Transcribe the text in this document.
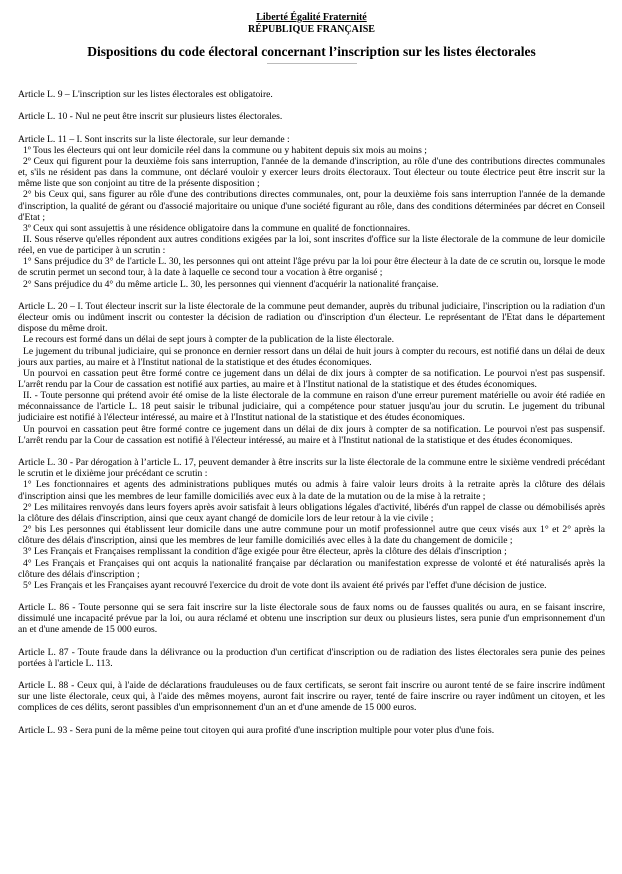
Liberté Égalité Fraternité
RÉPUBLIQUE FRANÇAISE
Dispositions du code électoral concernant l’inscription sur les listes électorales

Article L. 9 – L'inscription sur les listes électorales est obligatoire.

Article L. 10 - Nul ne peut être inscrit sur plusieurs listes électorales.

Article L. 11 – I. Sont inscrits sur la liste électorale, sur leur demande :

1º Tous les électeurs qui ont leur domicile réel dans la commune ou y habitent depuis six mois au moins ;

2º Ceux qui figurent pour la deuxième fois sans interruption, l'année de la demande d'inscription, au rôle d'une des contributions directes communales et, s'ils ne résident pas dans la commune, ont déclaré vouloir y exercer leurs droits électoraux. Tout électeur ou toute électrice peut être inscrit sur la même liste que son conjoint au titre de la présente disposition ;

2° bis Ceux qui, sans figurer au rôle d'une des contributions directes communales, ont, pour la deuxième fois sans interruption l'année de la demande d'inscription, la qualité de gérant ou d'associé majoritaire ou unique d'une société figurant au rôle, dans des conditions déterminées par décret en Conseil d'Etat ;

3º Ceux qui sont assujettis à une résidence obligatoire dans la commune en qualité de fonctionnaires.

II. Sous réserve qu'elles répondent aux autres conditions exigées par la loi, sont inscrites d'office sur la liste électorale de la commune de leur domicile réel, en vue de participer à un scrutin :

1° Sans préjudice du 3° de l'article L. 30, les personnes qui ont atteint l'âge prévu par la loi pour être électeur à la date de ce scrutin ou, lorsque le mode de scrutin permet un second tour, à la date à laquelle ce second tour a vocation à être organisé ;

2° Sans préjudice du 4° du même article L. 30, les personnes qui viennent d'acquérir la nationalité française.

Article L. 20 – I. Tout électeur inscrit sur la liste électorale de la commune peut demander, auprès du tribunal judiciaire, l'inscription ou la radiation d'un électeur omis ou indûment inscrit ou contester la décision de radiation ou d'inscription d'un électeur. Le représentant de l'Etat dans le département dispose du même droit.

Le recours est formé dans un délai de sept jours à compter de la publication de la liste électorale.

Le jugement du tribunal judiciaire, qui se prononce en dernier ressort dans un délai de huit jours à compter du recours, est notifié dans un délai de deux jours aux parties, au maire et à l'Institut national de la statistique et des études économiques.

Un pourvoi en cassation peut être formé contre ce jugement dans un délai de dix jours à compter de sa notification. Le pourvoi n'est pas suspensif. L'arrêt rendu par la Cour de cassation est notifié aux parties, au maire et à l'Institut national de la statistique et des études économiques.

II. - Toute personne qui prétend avoir été omise de la liste électorale de la commune en raison d'une erreur purement matérielle ou avoir été radiée en méconnaissance de l'article L. 18 peut saisir le tribunal judiciaire, qui a compétence pour statuer jusqu'au jour du scrutin. Le jugement du tribunal judiciaire est notifié à l'électeur intéressé, au maire et à l'Institut national de la statistique et des études économiques.

Un pourvoi en cassation peut être formé contre ce jugement dans un délai de dix jours à compter de sa notification. Le pourvoi n'est pas suspensif. L'arrêt rendu par la Cour de cassation est notifié à l'électeur intéressé, au maire et à l'Institut national de la statistique et des études économiques.

Article L. 30 - Par dérogation à l’article L. 17, peuvent demander à être inscrits sur la liste électorale de la commune entre le sixième vendredi précédant le scrutin et le dixième jour précédant ce scrutin :

1° Les fonctionnaires et agents des administrations publiques mutés ou admis à faire valoir leurs droits à la retraite après la clôture des délais d'inscription ainsi que les membres de leur famille domiciliés avec eux à la date de la mutation ou de la mise à la retraite ;

2° Les militaires renvoyés dans leurs foyers après avoir satisfait à leurs obligations légales d'activité, libérés d'un rappel de classe ou démobilisés après la clôture des délais d'inscription, ainsi que ceux ayant changé de domicile lors de leur retour à la vie civile ;

2° bis Les personnes qui établissent leur domicile dans une autre commune pour un motif professionnel autre que ceux visés aux 1° et 2° après la clôture des délais d'inscription, ainsi que les membres de leur famille domiciliés avec elles à la date du changement de domicile ;

3° Les Français et Françaises remplissant la condition d'âge exigée pour être électeur, après la clôture des délais d'inscription ;

4° Les Français et Françaises qui ont acquis la nationalité française par déclaration ou manifestation expresse de volonté et été naturalisés après la clôture des délais d'inscription ;

5° Les Français et les Françaises ayant recouvré l'exercice du droit de vote dont ils avaient été privés par l'effet d'une décision de justice.

Article L. 86 - Toute personne qui se sera fait inscrire sur la liste électorale sous de faux noms ou de fausses qualités ou aura, en se faisant inscrire, dissimulé une incapacité prévue par la loi, ou aura réclamé et obtenu une inscription sur deux ou plusieurs listes, sera punie d'un emprisonnement d'un an et d'une amende de 15 000 euros.

Article L. 87 - Toute fraude dans la délivrance ou la production d'un certificat d'inscription ou de radiation des listes électorales sera punie des peines portées à l'article L. 113.

Article L. 88 - Ceux qui, à l'aide de déclarations frauduleuses ou de faux certificats, se seront fait inscrire ou auront tenté de se faire inscrire indûment sur une liste électorale, ceux qui, à l'aide des mêmes moyens, auront fait inscrire ou rayer, tenté de faire inscrire ou rayer indûment un citoyen, et les complices de ces délits, seront passibles d'un emprisonnement d'un an et d'une amende de 15 000 euros.

Article L. 93 - Sera puni de la même peine tout citoyen qui aura profité d'une inscription multiple pour voter plus d'une fois.
